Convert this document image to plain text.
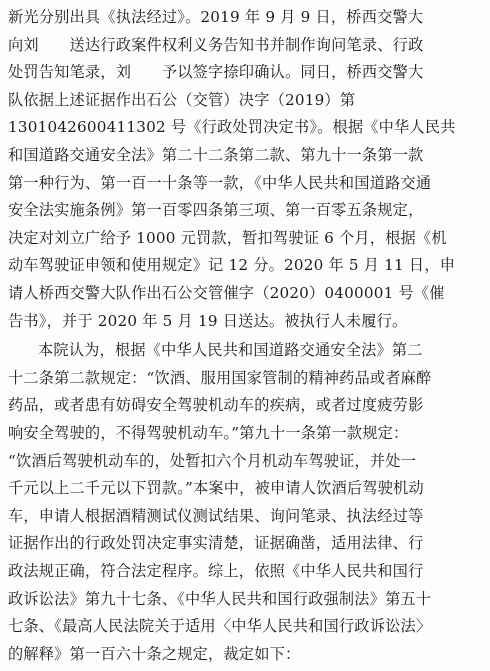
新光分别出具《执法经过》。2019 年 9 月 9 日，桥西交警大
向刘　　送达行政案件权利义务告知书并制作询问笔录、行政
处罚告知笔录，刘　　予以签字捺印确认。同日，桥西交警大
队依据上述证据作出石公（交管）决字（2019）第
1301042600411302 号《行政处罚决定书》。根据《中华人民共
和国道路交通安全法》第二十二条第二款、第九十一条第一款
第一种行为、第一百一十条等一款，《中华人民共和国道路交通
安全法实施条例》第一百零四条第三项、第一百零五条规定，
决定对刘立广给予 1000 元罚款，暂扣驾驶证 6 个月，根据《机
动车驾驶证申领和使用规定》记 12 分。2020 年 5 月 11 日，申
请人桥西交警大队作出石公交管催字（2020）0400001 号《催
告书》，并于 2020 年 5 月 19 日送达。被执行人未履行。
本院认为，根据《中华人民共和国道路交通安全法》第二
十二条第二款规定：“饮酒、服用国家管制的精神药品或者麻醉
药品，或者患有妨碍安全驾驶机动车的疾病，或者过度疲劳影
响安全驾驶的，不得驾驶机动车。”第九十一条第一款规定：
“饮酒后驾驶机动车的，处暂扣六个月机动车驾驶证，并处一
千元以上二千元以下罚款。”本案中，被申请人饮酒后驾驶机动
车，申请人根据酒精测试仪测试结果、询问笔录、执法经过等
证据作出的行政处罚决定事实清楚，证据确凿，适用法律、行
政法规正确，符合法定程序。综上，依照《中华人民共和国行
政诉讼法》第九十七条、《中华人民共和国行政强制法》第五十
七条、《最高人民法院关于适用〈中华人民共和国行政诉讼法〉
的解释》第一百六十条之规定，裁定如下：
